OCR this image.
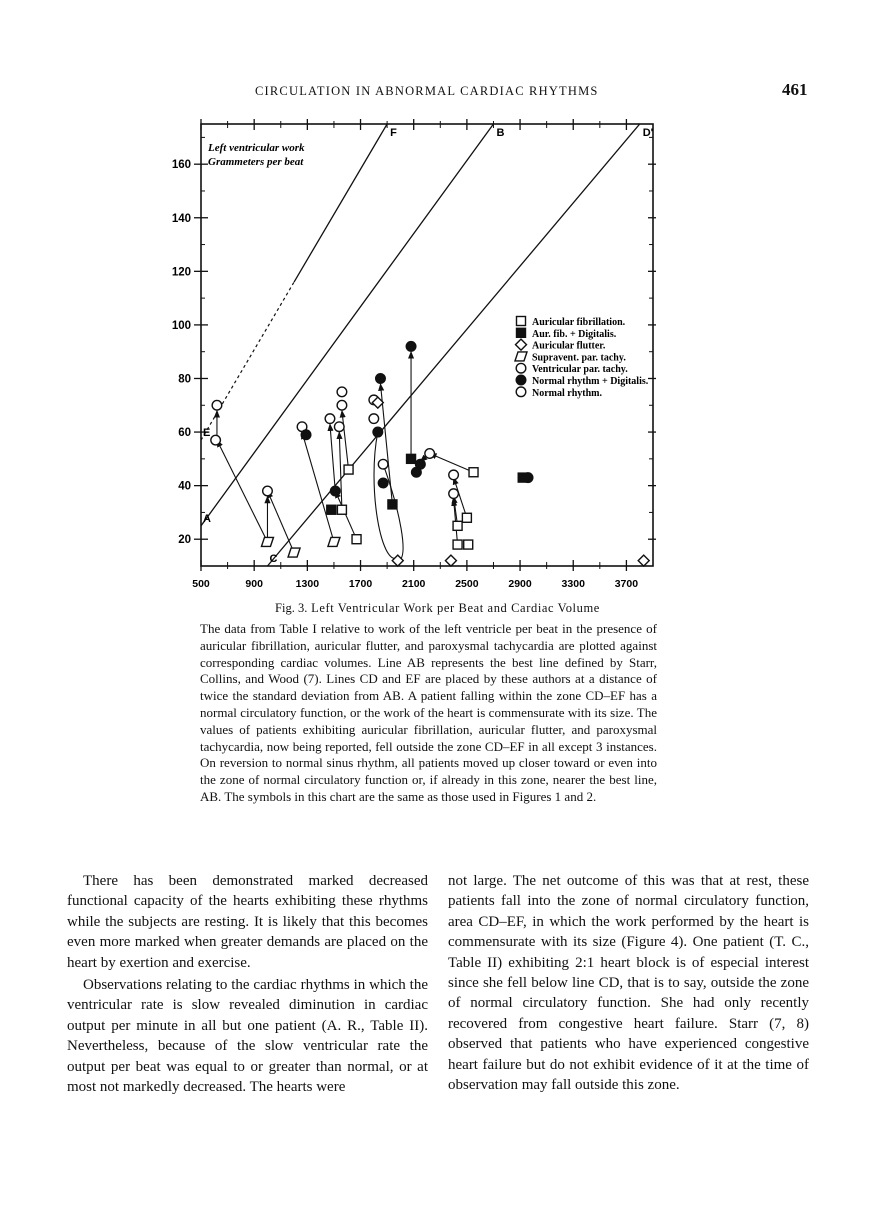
CIRCULATION IN ABNORMAL CARDIAC RHYTHMS	461
20
40
60
80
100
120
140
160
500	900	1300	1700	2100	2500	2900	3300	3700
Left ventricular work
Grammeters per beat
A
B
C
D'
E
F
Auricular fibrillation.
Aur. fib. + Digitalis.
Auricular flutter.
Supravent. par. tachy.
Ventricular par. tachy.
Normal rhythm + Digitalis.
Normal rhythm.
Fig. 3. Left Ventricular Work per Beat and Cardiac Volume
The data from Table I relative to work of the left ventricle per beat in the presence of auricular fibrillation, auricular flutter, and paroxysmal tachycardia are plotted against corresponding cardiac volumes. Line AB represents the best line defined by Starr, Collins, and Wood (7). Lines CD and EF are placed by these authors at a distance of twice the standard deviation from AB. A patient falling within the zone CD–EF has a normal circulatory function, or the work of the heart is commensurate with its size. The values of patients exhibiting auricular fibrillation, auricular flutter, and paroxysmal tachycardia, now being reported, fell outside the zone CD–EF in all except 3 instances. On reversion to normal sinus rhythm, all patients moved up closer toward or even into the zone of normal circulatory function or, if already in this zone, nearer the best line, AB. The symbols in this chart are the same as those used in Figures 1 and 2.

There has been demonstrated marked decreased functional capacity of the hearts exhibiting these rhythms while the subjects are resting. It is likely that this becomes even more marked when greater demands are placed on the heart by exertion and exercise.

Observations relating to the cardiac rhythms in which the ventricular rate is slow revealed diminution in cardiac output per minute in all but one patient (A. R., Table II). Nevertheless, because of the slow ventricular rate the output per beat was equal to or greater than normal, or at most not markedly decreased. The hearts were

not large. The net outcome of this was that at rest, these patients fall into the zone of normal circulatory function, area CD–EF, in which the work performed by the heart is commensurate with its size (Figure 4). One patient (T. C., Table II) exhibiting 2:1 heart block is of especial interest since she fell below line CD, that is to say, outside the zone of normal circulatory function. She had only recently recovered from congestive heart failure. Starr (7, 8) observed that patients who have experienced congestive heart failure but do not exhibit evidence of it at the time of observation may fall outside this zone.
